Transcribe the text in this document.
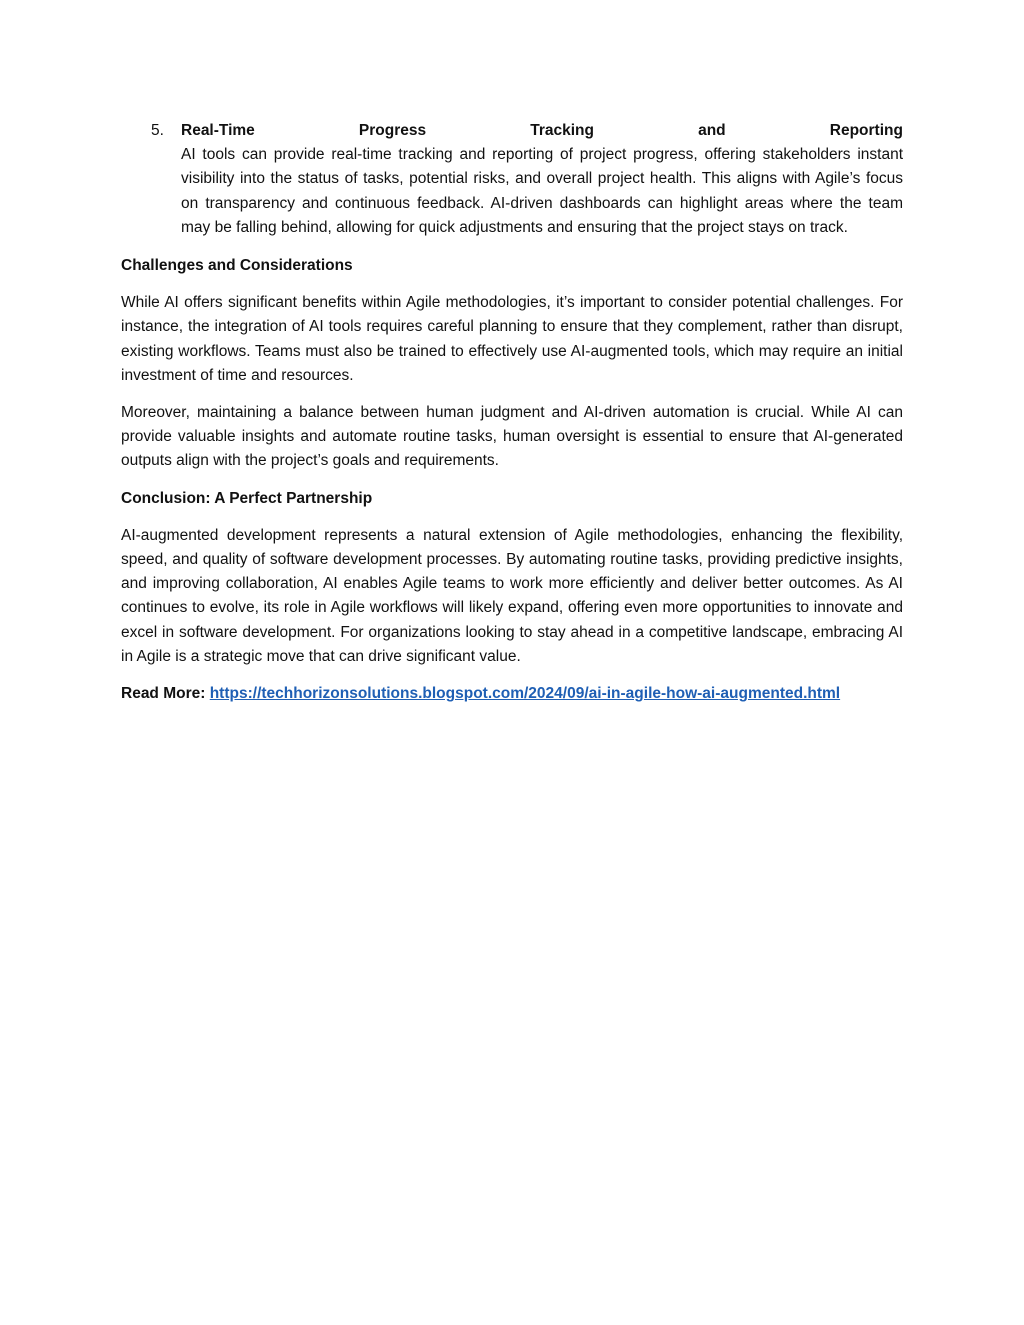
5. Real-Time	Progress	Tracking	and	Reporting

AI tools can provide real-time tracking and reporting of project progress, offering stakeholders instant visibility into the status of tasks, potential risks, and overall project health. This aligns with Agile’s focus on transparency and continuous feedback. AI-driven dashboards can highlight areas where the team may be falling behind, allowing for quick adjustments and ensuring that the project stays on track.

Challenges and Considerations

While AI offers significant benefits within Agile methodologies, it’s important to consider potential challenges. For instance, the integration of AI tools requires careful planning to ensure that they complement, rather than disrupt, existing workflows. Teams must also be trained to effectively use AI-augmented tools, which may require an initial investment of time and resources.

Moreover, maintaining a balance between human judgment and AI-driven automation is crucial. While AI can provide valuable insights and automate routine tasks, human oversight is essential to ensure that AI-generated outputs align with the project’s goals and requirements.

Conclusion: A Perfect Partnership

AI-augmented development represents a natural extension of Agile methodologies, enhancing the flexibility, speed, and quality of software development processes. By automating routine tasks, providing predictive insights, and improving collaboration, AI enables Agile teams to work more efficiently and deliver better outcomes. As AI continues to evolve, its role in Agile workflows will likely expand, offering even more opportunities to innovate and excel in software development. For organizations looking to stay ahead in a competitive landscape, embracing AI in Agile is a strategic move that can drive significant value.

Read More: https://techhorizonsolutions.blogspot.com/2024/09/ai-in-agile-how-ai-augmented.html
